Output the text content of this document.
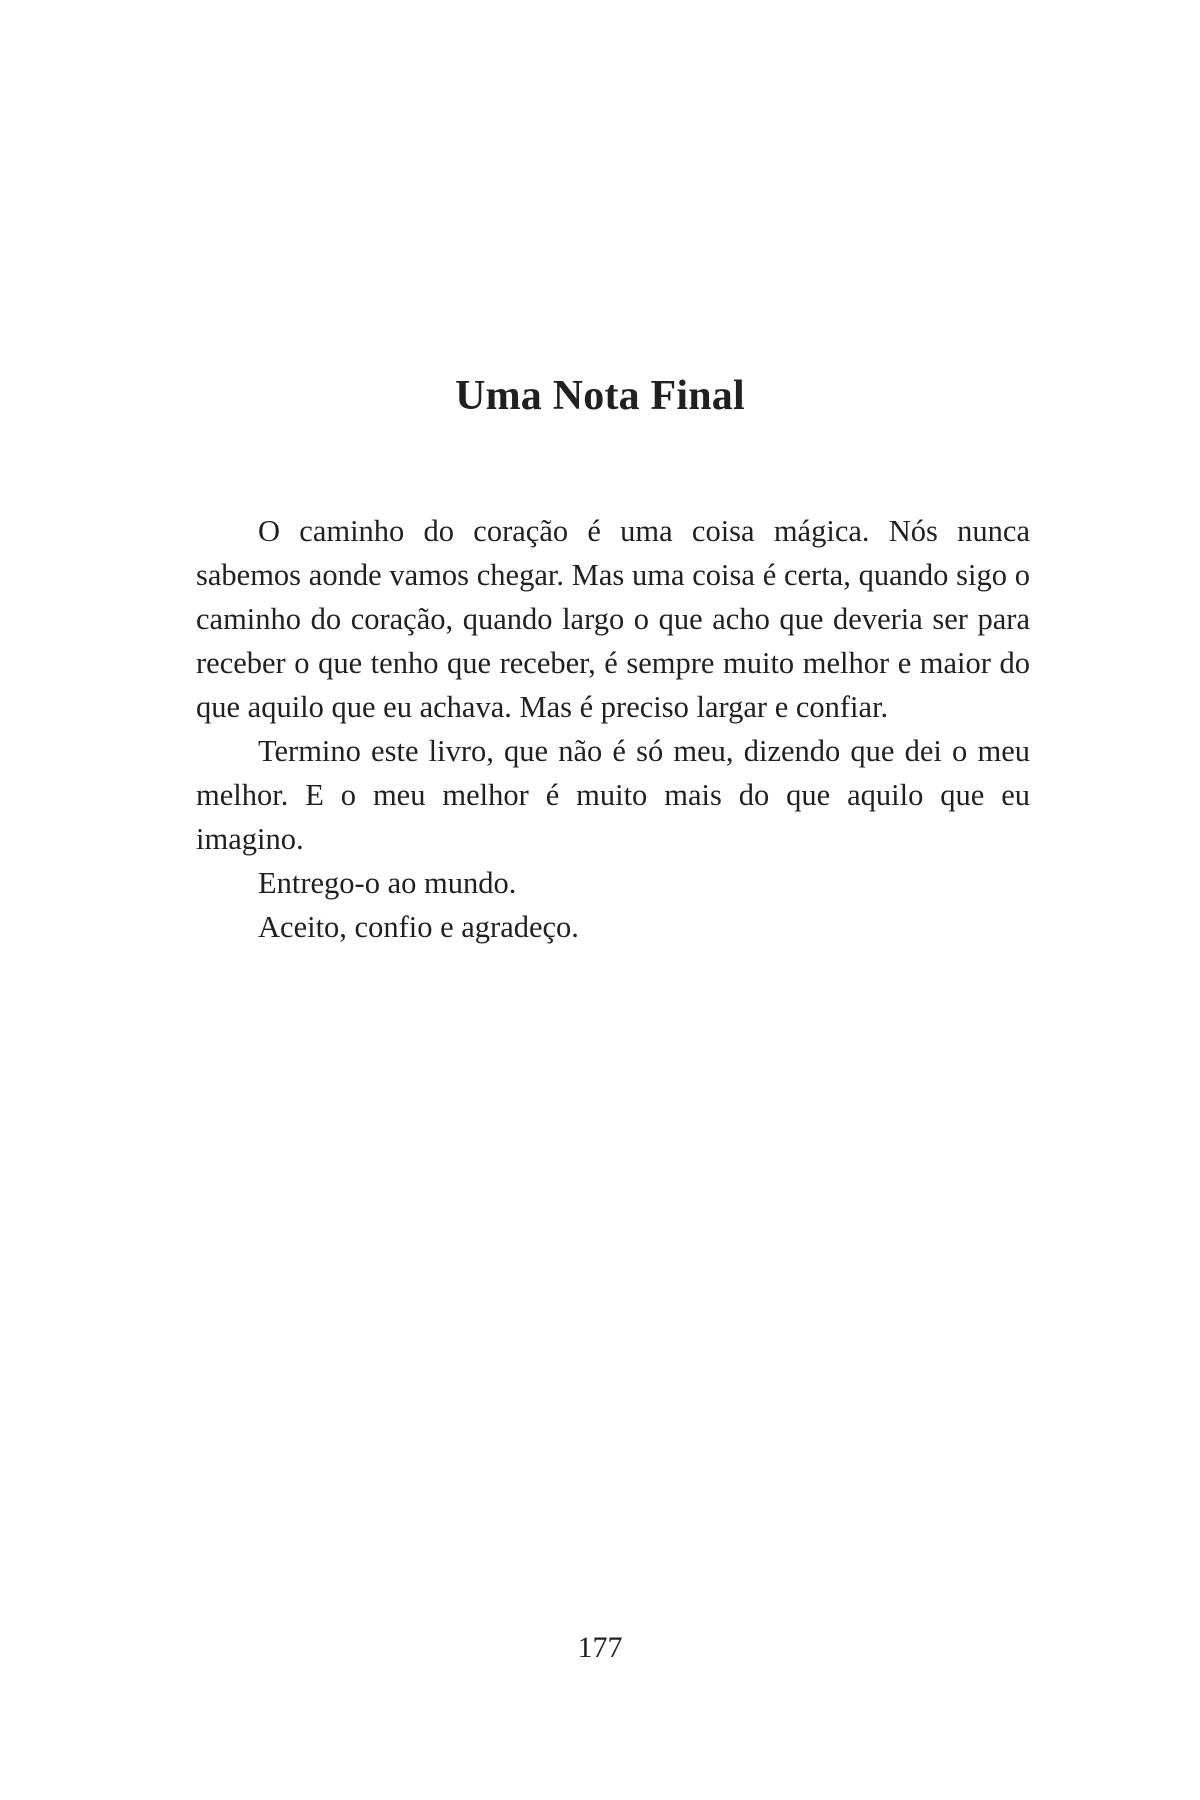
Uma Nota Final

O caminho do coração é uma coisa mágica. Nós nunca sabemos aonde vamos chegar. Mas uma coisa é certa, quando sigo o caminho do coração, quando largo o que acho que deveria ser para receber o que tenho que receber, é sempre muito melhor e maior do que aquilo que eu achava. Mas é preciso largar e confiar.

Termino este livro, que não é só meu, dizendo que dei o meu melhor. E o meu melhor é muito mais do que aquilo que eu imagino.

Entrego-o ao mundo.

Aceito, confio e agradeço.

177
